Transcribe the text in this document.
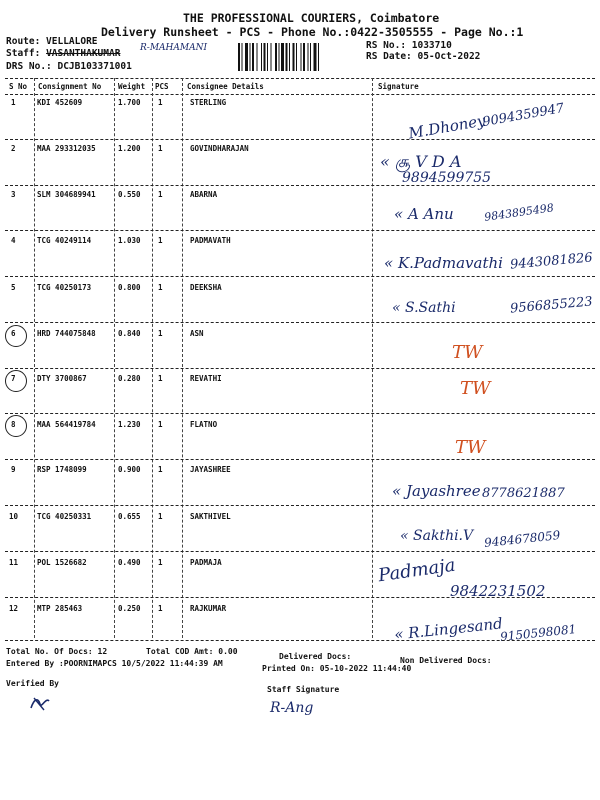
THE PROFESSIONAL COURIERS, Coimbatore
Delivery Runsheet - PCS - Phone No.:0422-3505555 - Page No.:1
Route: VELLALORE
Staff: VASANTHAKUMAR R-MAHAMANI
DRS No.: DCJB103371001
RS No.: 1033710
RS Date: 05-Oct-2022
S No Consignment No Weight PCS Consignee Details	Signature
1	KDI 452609	1.700 1	STERLING
M.Dhoney
9094359947
2	MAA 293312035	1.200 1	GOVINDHARAJAN
« சூ V D A
9894599755
3	SLM 304689941	0.550 1	ABARNA
« A Anu	9843895498
4	TCG 40249114	1.030 1	PADMAVATH
« K.Padmavathi 9443081826
5	TCG 40250173	0.800 1	DEEKSHA
« S.Sathi	9566855223
6	HRD 744075848	0.840 1	ASN
TW
7	DTY 3700867	0.280 1	REVATHI	TW
8	MAA 564419784	1.230 1	FLATNO
TW
9	RSP 1748099	0.900 1	JAYASHREE
« Jayashree 8778621887
10	TCG 40250331	0.655 1	SAKTHIVEL
« Sakthi.V 9484678059
11	POL 1526682	0.490 1	PADMAJA	Padmaja
9842231502
12	MTP 285463	0.250 1	RAJKUMAR
« R.Lingesand
9150598081
Total No. Of Docs: 12	Total COD Amt: 0.00
Delivered Docs:	Non Delivered Docs:
Entered By :POORNIMAPCS 10/5/2022 11:44:39 AM
Printed On: 05-10-2022 11:44:40
Verified By
Staff Signature
R-Ang
